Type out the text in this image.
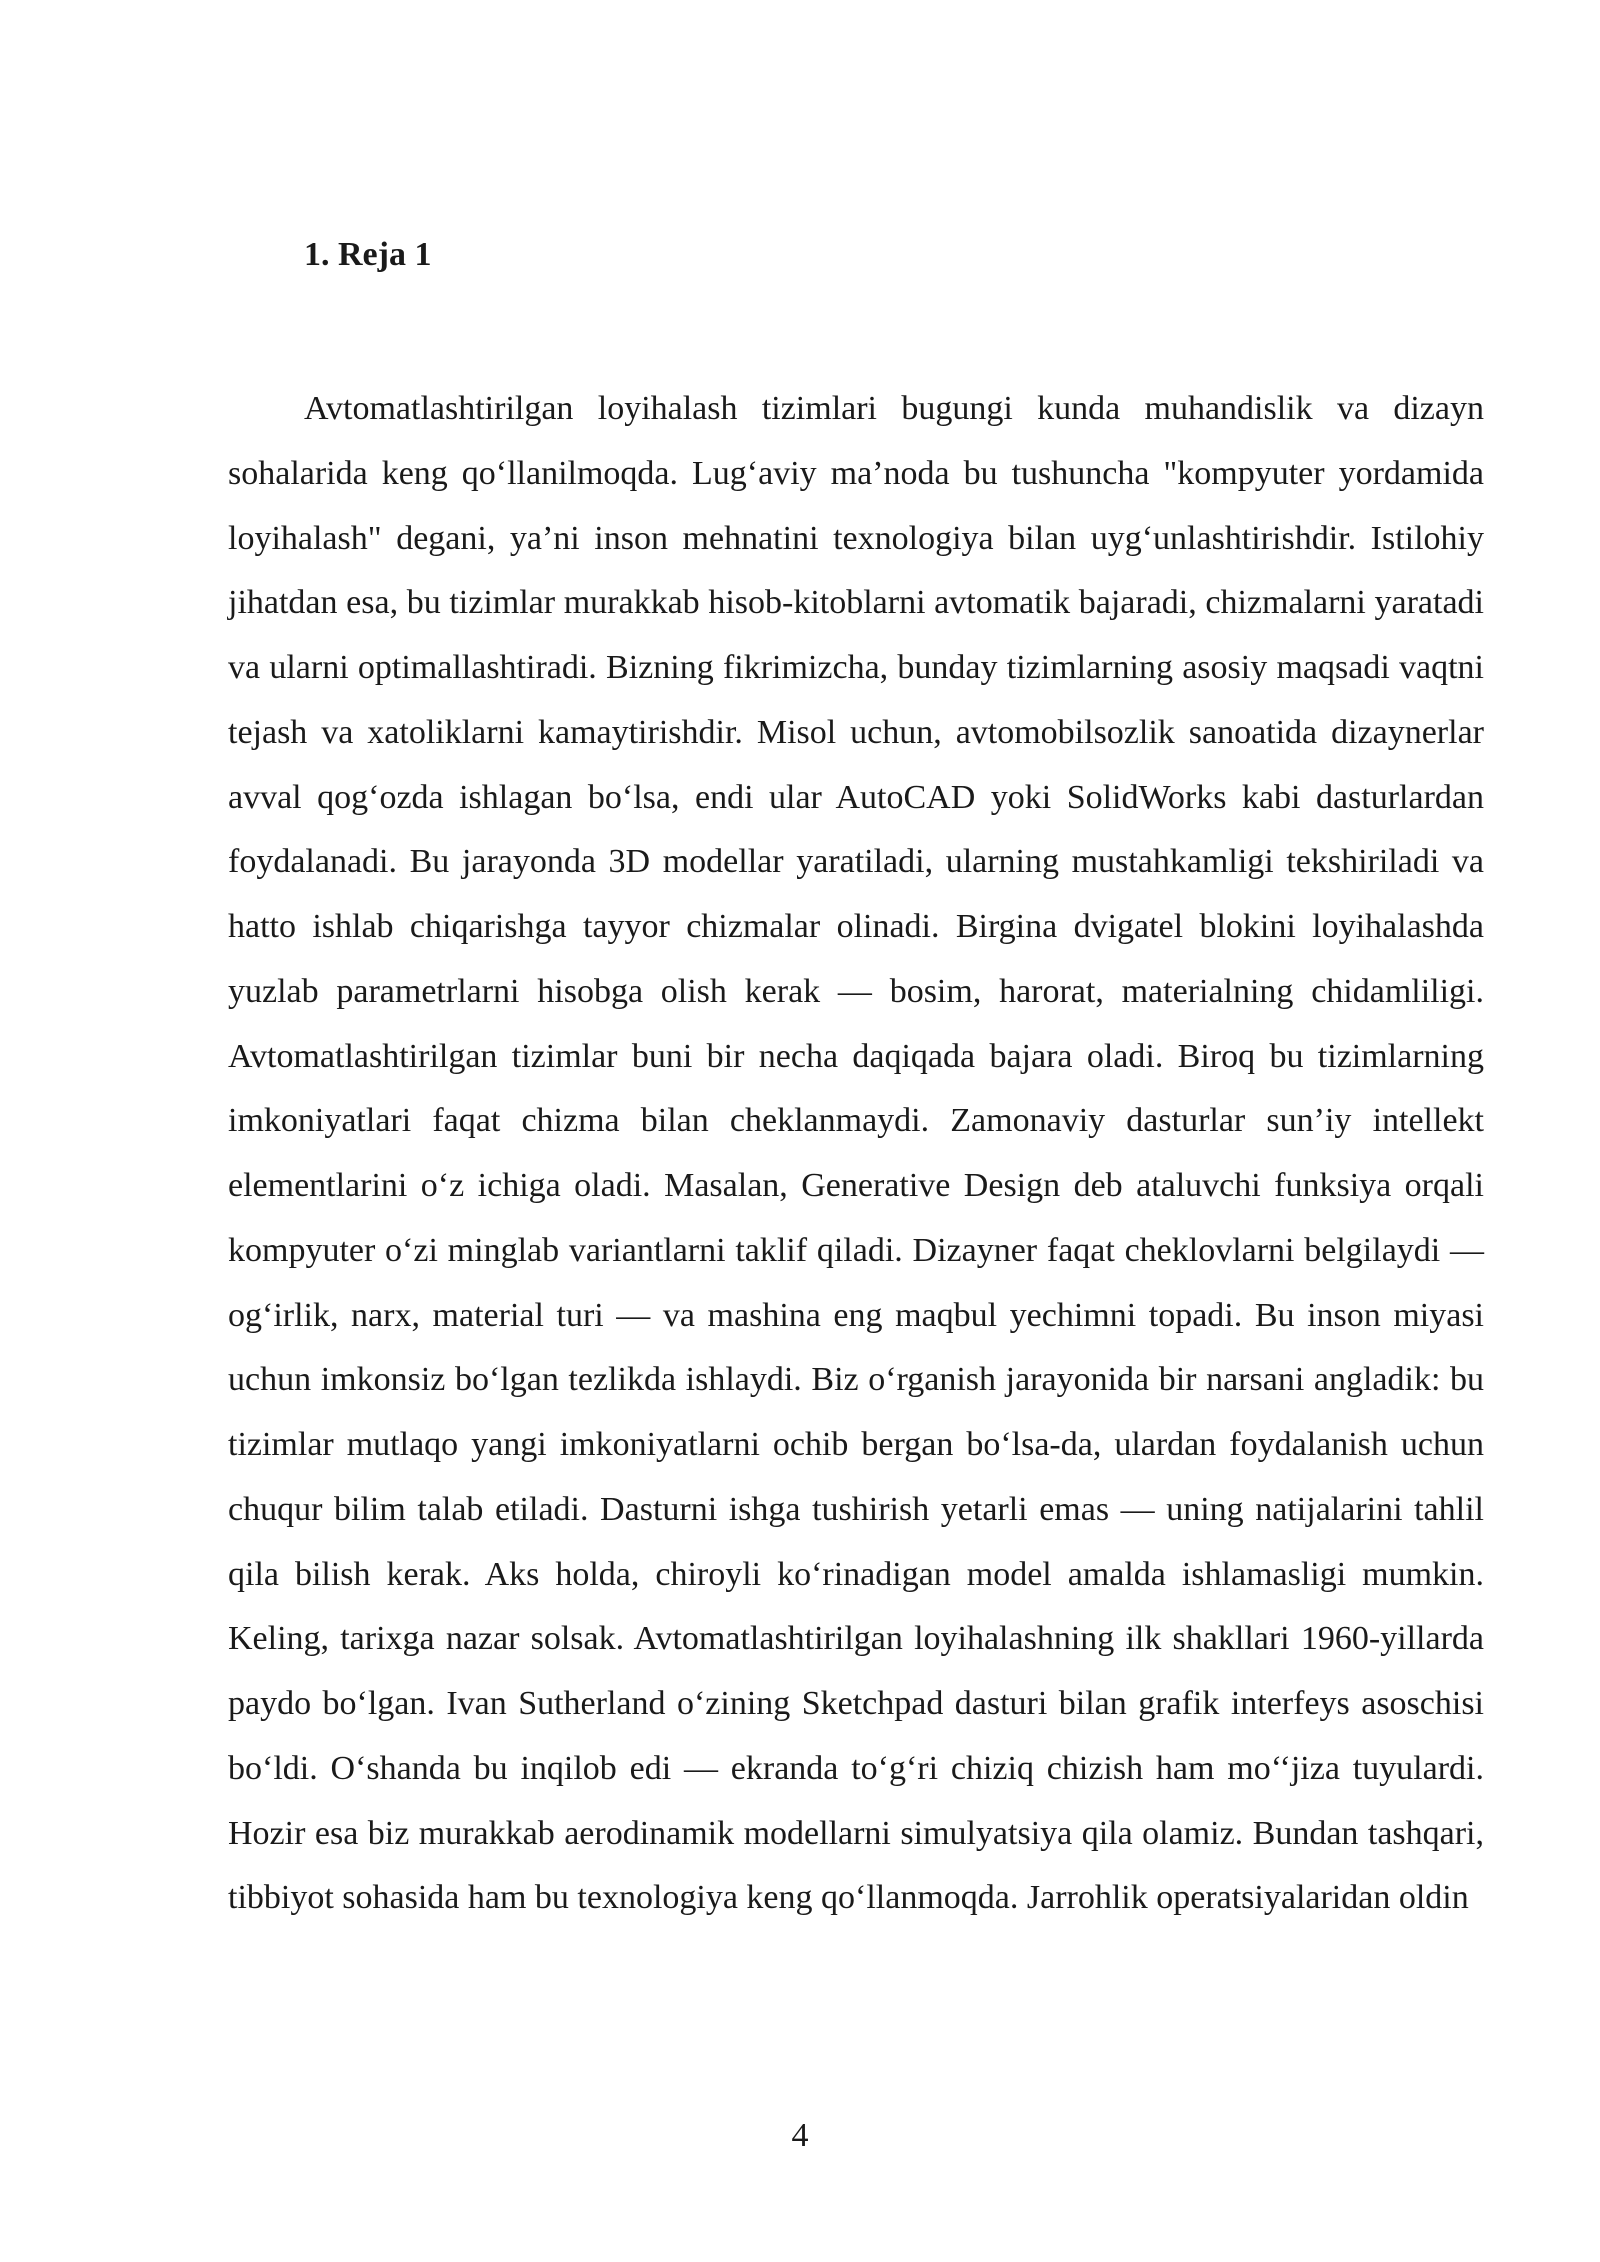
1. Reja 1

Avtomatlashtirilgan loyihalash tizimlari bugungi kunda muhandislik va dizayn sohalarida keng qo‘llanilmoqda. Lug‘aviy ma’noda bu tushuncha "kompyuter yordamida loyihalash" degani, ya’ni inson mehnatini texnologiya bilan uyg‘unlashtirishdir. Istilohiy jihatdan esa, bu tizimlar murakkab hisob-kitoblarni avtomatik bajaradi, chizmalarni yaratadi va ularni optimallashtiradi. Bizning fikrimizcha, bunday tizimlarning asosiy maqsadi vaqtni tejash va xatoliklarni kamaytirishdir. Misol uchun, avtomobilsozlik sanoatida dizaynerlar avval qog‘ozda ishlagan bo‘lsa, endi ular AutoCAD yoki SolidWorks kabi dasturlardan foydalanadi. Bu jarayonda 3D modellar yaratiladi, ularning mustahkamligi tekshiriladi va hatto ishlab chiqarishga tayyor chizmalar olinadi. Birgina dvigatel blokini loyihalashda yuzlab parametrlarni hisobga olish kerak — bosim, harorat, materialning chidamliligi. Avtomatlashtirilgan tizimlar buni bir necha daqiqada bajara oladi. Biroq bu tizimlarning imkoniyatlari faqat chizma bilan cheklanmaydi. Zamonaviy dasturlar sun’iy intellekt elementlarini o‘z ichiga oladi. Masalan, Generative Design deb ataluvchi funksiya orqali kompyuter o‘zi minglab variantlarni taklif qiladi. Dizayner faqat cheklovlarni belgilaydi — og‘irlik, narx, material turi — va mashina eng maqbul yechimni topadi. Bu inson miyasi uchun imkonsiz bo‘lgan tezlikda ishlaydi. Biz o‘rganish jarayonida bir narsani angladik: bu tizimlar mutlaqo yangi imkoniyatlarni ochib bergan bo‘lsa-da, ulardan foydalanish uchun chuqur bilim talab etiladi. Dasturni ishga tushirish yetarli emas — uning natijalarini tahlil qila bilish kerak. Aks holda, chiroyli ko‘rinadigan model amalda ishlamasligi mumkin. Keling, tarixga nazar solsak. Avtomatlashtirilgan loyihalashning ilk shakllari 1960-yillarda paydo bo‘lgan. Ivan Sutherland o‘zining Sketchpad dasturi bilan grafik interfeys asoschisi bo‘ldi. O‘shanda bu inqilob edi — ekranda to‘g‘ri chiziq chizish ham mo‘‘jiza tuyulardi. Hozir esa biz murakkab aerodinamik modellarni simulyatsiya qila olamiz. Bundan tashqari, tibbiyot sohasida ham bu texnologiya keng qo‘llanmoqda. Jarrohlik operatsiyalaridan oldin

4
